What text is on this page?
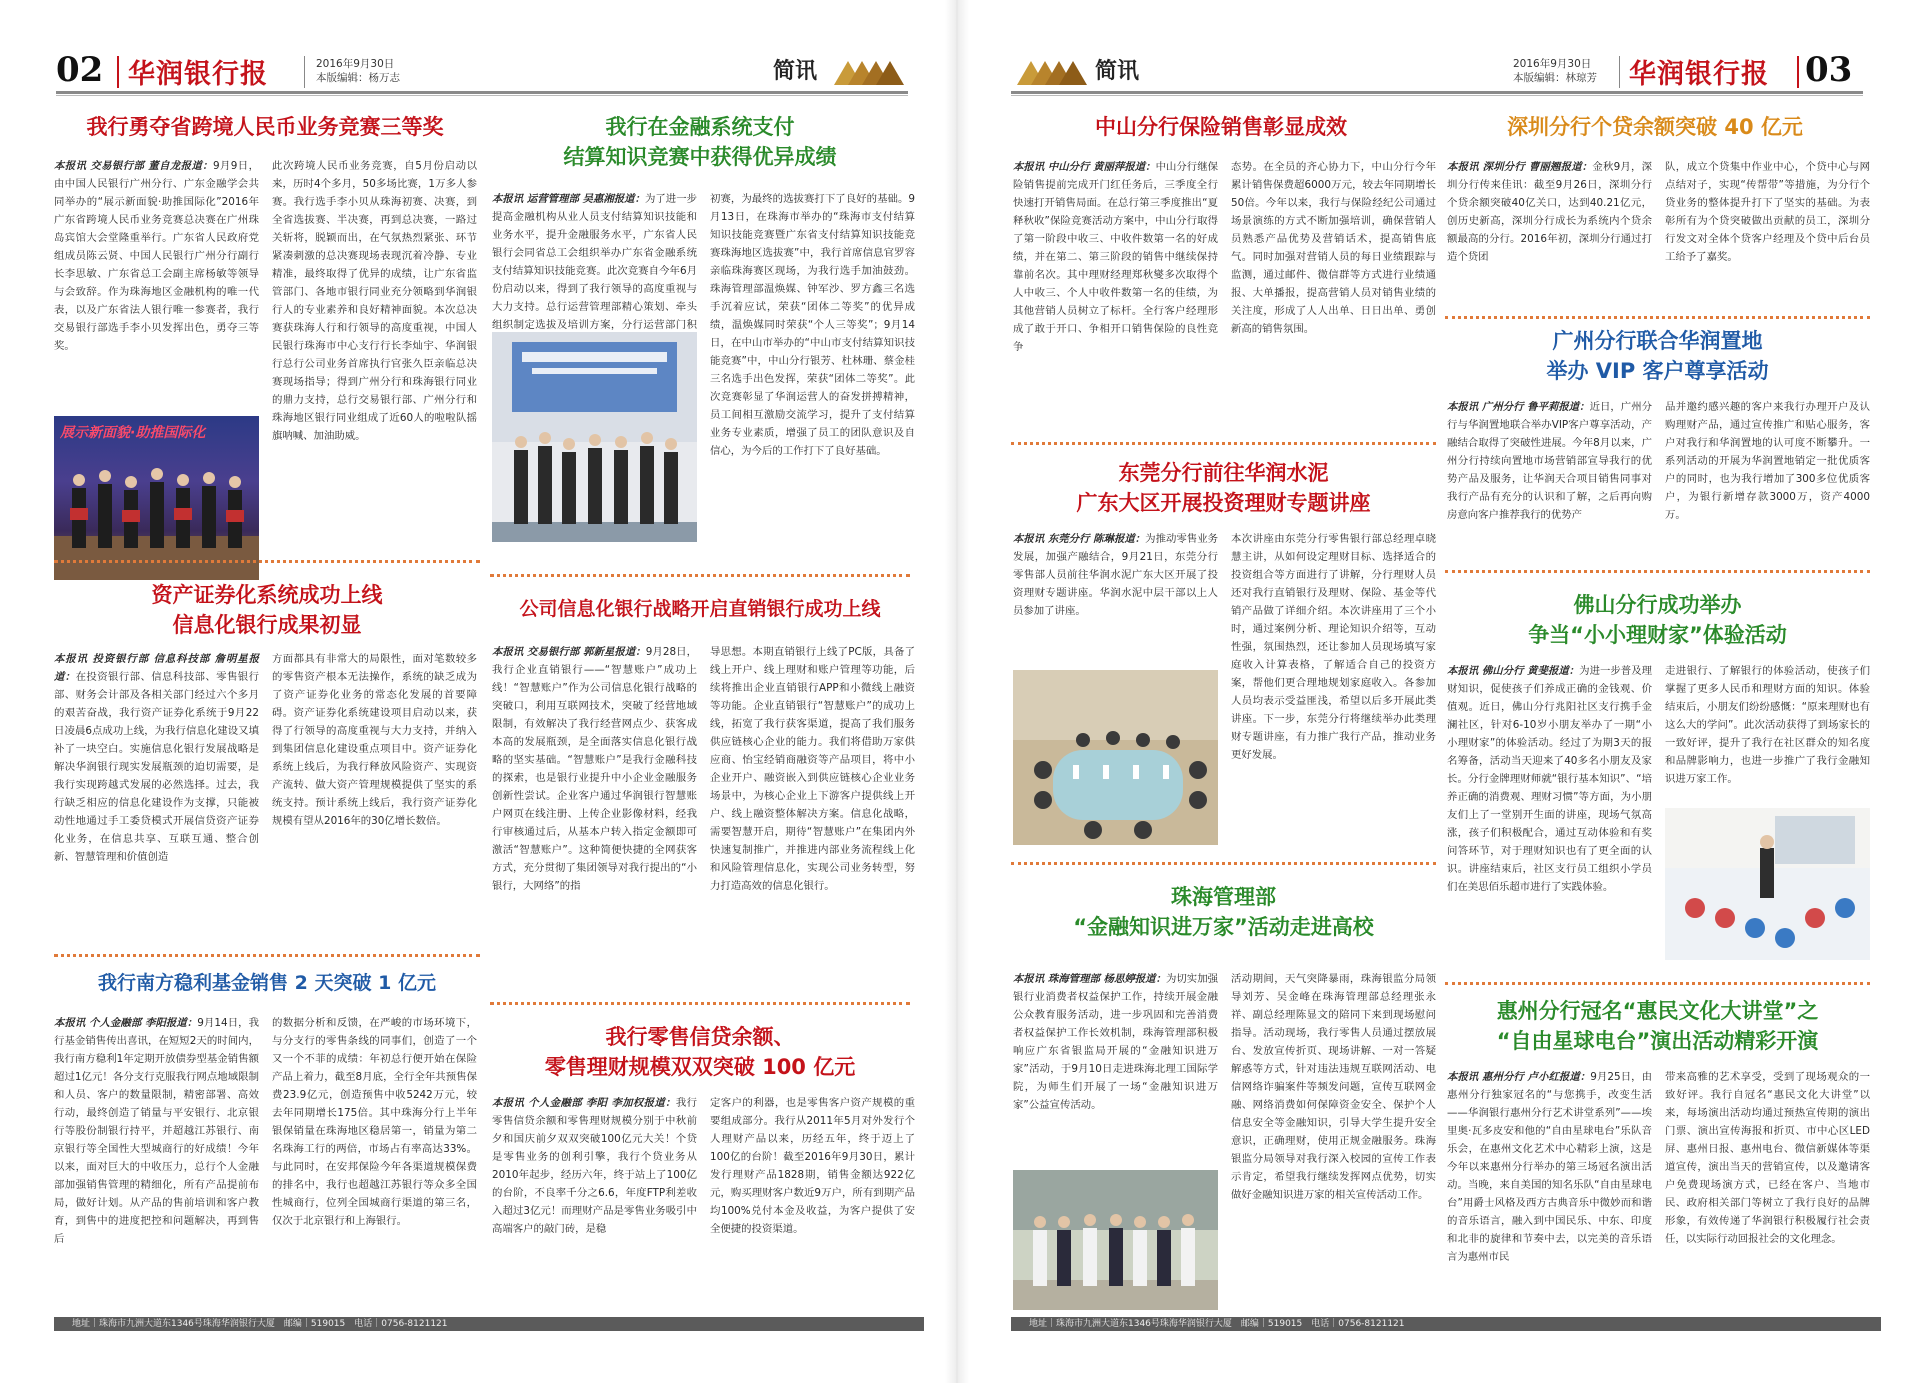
02 华润银行报	2016年9月30日
本版编辑：杨万志	简讯
我行勇夺省跨境人民币业务竞赛三等奖
本报讯 交易银行部 董自龙报道：9月9日，由中国人民银行广州分行、广东金融学会共同举办的“展示新面貌·助推国际化”2016年广东省跨境人民币业务竞赛总决赛在广州珠岛宾馆大会堂隆重举行。广东省人民政府党组成员陈云贤、中国人民银行广州分行副行长李思敏、广东省总工会副主席杨敏等领导与会致辞。作为珠海地区金融机构的唯一代表，以及广东省法人银行唯一参赛者，我行交易银行部选手李小贝发挥出色，勇夺三等奖。
此次跨境人民币业务竞赛，自5月份启动以来，历时4个多月，50多场比赛，1万多人参赛。我行选手李小贝从珠海初赛、决赛，到全省选拔赛、半决赛，再到总决赛，一路过关斩将，脱颖而出，在气氛热烈紧张、环节紧凑刺激的总决赛现场表现沉着冷静、专业精准，最终取得了优异的成绩，让广东省监管部门、各地市银行同业充分领略到华润银行人的专业素养和良好精神面貌。本次总决赛获珠海人行和行领导的高度重视，中国人民银行珠海市中心支行行长李灿宇、华润银行总行公司业务首席执行官张久臣亲临总决赛现场指导；得到广州分行和珠海银行同业的鼎力支持，总行交易银行部、广州分行和珠海地区银行同业组成了近60人的啦啦队摇旗呐喊、加油助威。
展示新面貌·助推国际化
我行在金融系统支付
结算知识竞赛中获得优异成绩
本报讯 运营管理部 吴惠湘报道：为了进一步提高金融机构从业人员支付结算知识技能和业务水平，提升金融服务水平，广东省人民银行会同省总工会组织举办广东省金融系统支付结算知识技能竞赛。此次竞赛自今年6月份启动以来，得到了我行领导的高度重视与大力支持。总行运营管理部精心策划、牵头组织制定选拔及培训方案，分行运营部门积
初赛，为最终的选拔赛打下了良好的基础。9月13日，在珠海市举办的“珠海市支付结算知识技能竞赛暨广东省支付结算知识技能竞赛珠海地区选拔赛”中，我行首席信息官罗容亲临珠海赛区现场，为我行选手加油鼓劲。珠海管理部温焕媒、钟军沙、罗方鑫三名选手沉着应试，荣获“团体二等奖”的优异成绩，温焕媒同时荣获“个人三等奖”；9月14日，在中山市举办的“中山市支付结算知识技能竞赛”中，中山分行银芳、杜林珊、蔡金桂三名选手出色发挥，荣获“团体二等奖”。此次竞赛彰显了华润运营人的奋发拼搏精神，员工间相互激励交流学习，提升了支付结算业务专业素质，增强了员工的团队意识及自信心，为今后的工作打下了良好基础。
资产证券化系统成功上线
信息化银行成果初显
本报讯 投资银行部 信息科技部 詹明星报道：在投资银行部、信息科技部、零售银行部、财务会计部及各相关部门经过六个多月的艰苦奋战，我行资产证券化系统于9月22日凌晨6点成功上线，为我行信息化建设又填补了一块空白。实施信息化银行发展战略是解决华润银行现实发展瓶颈的迫切需要，是我行实现跨越式发展的必然选择。过去，我行缺乏相应的信息化建设作为支撑，只能被动性地通过手工委贷模式开展信贷资产证券化业务，在信息共享、互联互通、整合创新、智慧管理和价值创造
方面都具有非常大的局限性，面对笔数较多的零售资产根本无法操作，系统的缺乏成为了资产证券化业务的常态化发展的首要障碍。资产证券化系统建设项目启动以来，获得了行领导的高度重视与大力支持，并纳入到集团信息化建设重点项目中。资产证券化系统上线后，为我行释放风险资产、实现资产流转、做大资产管理规模提供了坚实的系统支持。预计系统上线后，我行资产证券化规模有望从2016年的30亿增长数倍。
公司信息化银行战略开启直销银行成功上线
本报讯 交易银行部 郭新星报道：9月28日，我行企业直销银行——“智慧账户”成功上线！“智慧账户”作为公司信息化银行战略的突破口，利用互联网技术，突破了经营地域限制，有效解决了我行经营网点少、获客成本高的发展瓶颈，是全面落实信息化银行战略的坚实基础。“智慧账户”是我行金融科技的探索，也是银行业提升中小企业金融服务创新性尝试。企业客户通过华润银行智慧账户网页在线注册、上传企业影像材料，经我行审核通过后，从基本户转入指定金额即可激活“智慧账户”。这种简便快捷的全网获客方式，充分贯彻了集团领导对我行提出的“小银行，大网络”的指
导思想。本期直销银行上线了PC版，具备了线上开户、线上理财和账户管理等功能，后续将推出企业直销银行APP和小微线上融资等功能。企业直销银行“智慧账户”的成功上线，拓宽了我行获客渠道，提高了我们服务供应链核心企业的能力。我们将借助万家供应商、怡宝经销商融资等产品项目，将中小企业开户、融资嵌入到供应链核心企业业务场景中，为核心企业上下游客户提供线上开户、线上融资整体解决方案。信息化战略，需要智慧开启，期待“智慧账户”在集团内外快速复制推广，并推进内部业务流程线上化和风险管理信息化，实现公司业务转型，努力打造高效的信息化银行。
我行南方稳利基金销售 2 天突破 1 亿元
本报讯 个人金融部 李阳报道：9月14日，我行基金销售传出喜讯，在短短2天的时间内，我行南方稳利1年定期开放债券型基金销售额超过1亿元！各分支行克服我行网点地域限制和人员、客户的数量限制，精密部署、高效行动，最终创造了销量与平安银行、北京银行等股份制银行持平，并超越江苏银行、南京银行等全国性大型城商行的好成绩！今年以来，面对巨大的中收压力，总行个人金融部加强销售管理的精细化，所有产品提前布局，做好计划。从产品的售前培训和客户教育，到售中的进度把控和问题解决，再到售后
的数据分析和反馈，在严峻的市场环境下，与分支行的零售条线的同事们，创造了一个又一个不菲的成绩：年初总行便开始在保险产品上着力，截至8月底，全行全年共预售保费23.9亿元，创造预售中收5242万元，较去年同期增长175倍。其中珠海分行上半年银保销量在珠海地区稳居第一，销量为第二名珠海工行的两倍，市场占有率高达33%。与此同时，在安邦保险今年各渠道规模保费的排名中，我行也超越江苏银行等众多全国性城商行，位列全国城商行渠道的第三名，仅次于北京银行和上海银行。
我行零售信贷余额、
零售理财规模双双突破 100 亿元
本报讯 个人金融部 李阳 李加权报道：我行零售信贷余额和零售理财规模分别于中秋前夕和国庆前夕双双突破100亿元大关！个贷是零售业务的创利引擎，我行个贷业务从2010年起步，经历六年，终于站上了100亿的台阶，不良率千分之6.6，年度FTP利差收入超过3亿元！而理财产品是零售业务吸引中高端客户的敲门砖，是稳
定客户的利器，也是零售客户资产规模的重要组成部分。我行从2011年5月对外发行个人理财产品以来，历经五年，终于迈上了100亿的台阶！截至2016年9月30日，累计发行理财产品1828期，销售金额达922亿元，购买理财客户数近9万户，所有到期产品均100%兑付本金及收益，为客户提供了安全便捷的投资渠道。
地址｜珠海市九洲大道东1346号珠海华润银行大厦　邮编｜519015　电话｜0756-8121121
简讯	2016年9月30日
本版编辑：林琼芳 华润银行报 03
中山分行保险销售彰显成效
本报讯 中山分行 黄丽萍报道：中山分行继保险销售提前完成开门红任务后，三季度全行快速打开销售局面。在总行第三季度推出“夏释秋收”保险竞赛活动方案中，中山分行取得了第一阶段中收三、中收件数第一名的好成绩，并在第二、第三阶段的销售中继续保持靠前名次。其中理财经理郑秋燮多次取得个人中收三、个人中收件数第一名的佳绩，为其他营销人员树立了标杆。全行客户经理形成了敢于开口、争相开口销售保险的良性竞争
态势。在全员的齐心协力下，中山分行今年累计销售保费超6000万元，较去年同期增长50倍。今年以来，我行与保险经纪公司通过场景演练的方式不断加强培训，确保营销人员熟悉产品优势及营销话术，提高销售底气。同时加强对营销人员的每日业绩跟踪与监测，通过邮件、微信群等方式进行业绩通报、大单播报，提高营销人员对销售业绩的关注度，形成了人人出单、日日出单、勇创新高的销售氛围。
深圳分行个贷余额突破 40 亿元
本报讯 深圳分行 曹丽翘报道：金秋9月，深圳分行传来佳讯：截至9月26日，深圳分行个贷余额突破40亿关口，达到40.21亿元，创历史新高，深圳分行成长为系统内个贷余额最高的分行。2016年初，深圳分行通过打造个贷团
队，成立个贷集中作业中心，个贷中心与网点结对子，实现“传帮带”等措施，为分行个贷业务的整体提升打下了坚实的基础。为表彰所有为个贷突破做出贡献的员工，深圳分行发文对全体个贷客户经理及个贷中后台员工给予了嘉奖。
东莞分行前往华润水泥
广东大区开展投资理财专题讲座
本报讯 东莞分行 陈琳报道：为推动零售业务发展，加强产融结合，9月21日，东莞分行零售部人员前往华润水泥广东大区开展了投资理财专题讲座。华润水泥中层干部以上人员参加了讲座。
本次讲座由东莞分行零售银行部总经理卓晓慧主讲，从如何设定理财目标、选择适合的投资组合等方面进行了讲解，分行理财人员还对我行直销银行及理财、保险、基金等代销产品做了详细介绍。本次讲座用了三个小时，通过案例分析、理论知识介绍等，互动性强，氛围热烈，还让参加人员现场填写家庭收入计算表格，了解适合自己的投资方案，帮他们更合理地规划家庭收入。各参加人员均表示受益匪浅，希望以后多开展此类讲座。下一步，东莞分行将继续举办此类理财专题讲座，有力推广我行产品，推动业务更好发展。
广州分行联合华润置地
举办 VIP 客户尊享活动
本报讯 广州分行 鲁平莉报道：近日，广州分行与华润置地联合举办VIP客户尊享活动，产融结合取得了突破性进展。今年8月以来，广州分行持续向置地市场营销部宣导我行的优势产品及服务，让华润天合项目销售同事对我行产品有充分的认识和了解，之后再向购房意向客户推荐我行的优势产
品并邀约感兴趣的客户来我行办理开户及认购理财产品，通过宣传推广和贴心服务，客户对我行和华润置地的认可度不断攀升。一系列活动的开展为华润置地销定一批优质客户的同时，也为我行增加了300多位优质客户，为银行新增存款3000万，资产4000万。
佛山分行成功举办
争当“小小理财家”体验活动
本报讯 佛山分行 黄斐报道：为进一步普及理财知识，促使孩子们养成正确的金钱观、价值观。近日，佛山分行兆阳社区支行携手金澜社区，针对6-10岁小朋友举办了一期“小小理财家”的体验活动。经过了为期3天的报名筹备，活动当天迎来了40多名小朋友及家长。分行金牌理财师就“银行基本知识”、“培养正确的消费观、理财习惯”等方面，为小朋友们上了一堂别开生面的讲座，现场气氛高涨，孩子们积极配合，通过互动体验和有奖问答环节，对于理财知识也有了更全面的认识。讲座结束后，社区支行员工组织小学员们在美思佰乐超市进行了实践体验。
走进银行、了解银行的体验活动，使孩子们掌握了更多人民币和理财方面的知识。体验结束后，小朋友们纷纷感慨：“原来理财也有这么大的学问”。此次活动获得了到场家长的一致好评，提升了我行在社区群众的知名度和品牌影响力，也进一步推广了我行金融知识进万家工作。
珠海管理部
“金融知识进万家”活动走进高校
本报讯 珠海管理部 杨思婷报道：为切实加强银行业消费者权益保护工作，持续开展金融公众教育服务活动，进一步巩固和完善消费者权益保护工作长效机制，珠海管理部积极响应广东省银监局开展的“金融知识进万家”活动，于9月10日走进珠海北理工国际学院，为师生们开展了一场“金融知识进万家”公益宣传活动。
活动期间，天气突降暴雨，珠海银监分局领导刘芳、吴金峰在珠海管理部总经理张永祥、副总经理陈显文的陪同下来到现场慰问指导。活动现场，我行零售人员通过摆放展台、发放宣传折页、现场讲解、一对一答疑解惑等方式，针对违法违规互联网活动、电信网络诈骗案件等频发问题，宣传互联网金融、网络消费如何保障资金安全、保护个人信息安全等金融知识，引导大学生提升安全意识，正确理财，使用正规金融服务。珠海银监分局领导对我行深入校园的宣传工作表示肯定，希望我行继续发挥网点优势，切实做好金融知识进万家的相关宣传活动工作。
惠州分行冠名“惠民文化大讲堂”之
“自由星球电台”演出活动精彩开演
本报讯 惠州分行 卢小红报道：9月25日，由惠州分行独家冠名的“与您携手，改变生活——华润银行惠州分行艺术讲堂系列”——埃里奥·瓦多皮安和他的“自由星球电台”乐队音乐会，在惠州文化艺术中心精彩上演，这是今年以来惠州分行举办的第三场冠名演出活动。当晚，来自美国的知名乐队“自由星球电台”用爵士风格及西方古典音乐中微妙而和谐的音乐语言，融入到中国民乐、中东、印度和北非的旋律和节奏中去，以完美的音乐语言为惠州市民
带来高雅的艺术享受，受到了现场观众的一致好评。我行自冠名“惠民文化大讲堂”以来，每场演出活动均通过预热宣传期的演出门票、演出宣传海报和折页、市中心区LED屏、惠州日报、惠州电台、微信新媒体等渠道宣传，演出当天的营销宣传，以及邀请客户免费现场演方式，已经在客户、当地市民、政府相关部门等树立了我行良好的品牌形象，有效传递了华润银行积极履行社会责任，以实际行动回报社会的文化理念。
地址｜珠海市九洲大道东1346号珠海华润银行大厦　邮编｜519015　电话｜0756-8121121
